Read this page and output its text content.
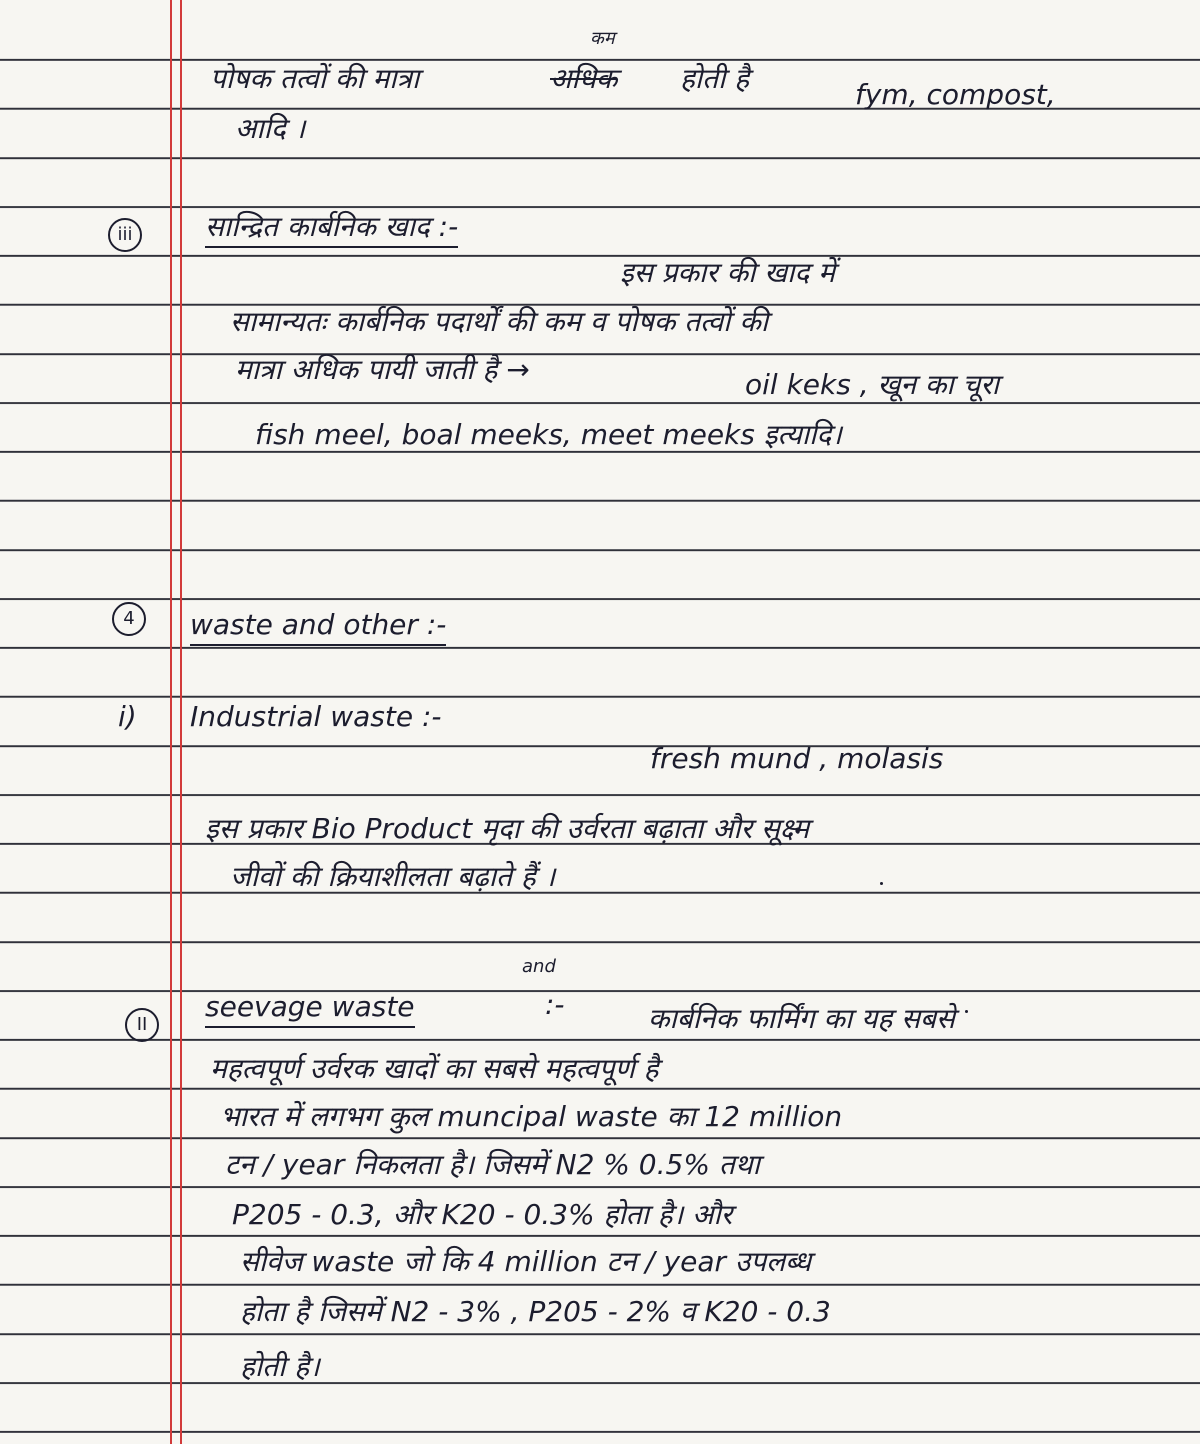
कम
पोषक तत्वों की मात्रा	अधिक होती है	fym, compost,
आदि ।
iii	सान्द्रित कार्बनिक खाद :-
इस प्रकार की खाद में
सामान्यतः कार्बनिक पदार्थों की कम व पोषक तत्वों की
मात्रा अधिक पायी जाती है →	oil keks , खून का चूरा
fish meel, boal meeks, meet meeks इत्यादि।
4	waste and other :-
i) Industrial waste :-
fresh mund , molasis
इस प्रकार Bio Product मृदा की उर्वरता बढ़ाता और सूक्ष्म
जीवों की क्रियाशीलता बढ़ाते हैं ।
II
and
seevage waste	:-	कार्बनिक फार्मिंग का यह सबसे
महत्वपूर्ण उर्वरक खादों का सबसे महत्वपूर्ण है
भारत में लगभग कुल muncipal waste का 12 million
टन / year निकलता है। जिसमें N2 % 0.5% तथा
P205 - 0.3, और K20 - 0.3% होता है। और
सीवेज waste जो कि 4 million टन / year उपलब्ध
होता है जिसमें N2 - 3% , P205 - 2% व K20 - 0.3
होती है।
